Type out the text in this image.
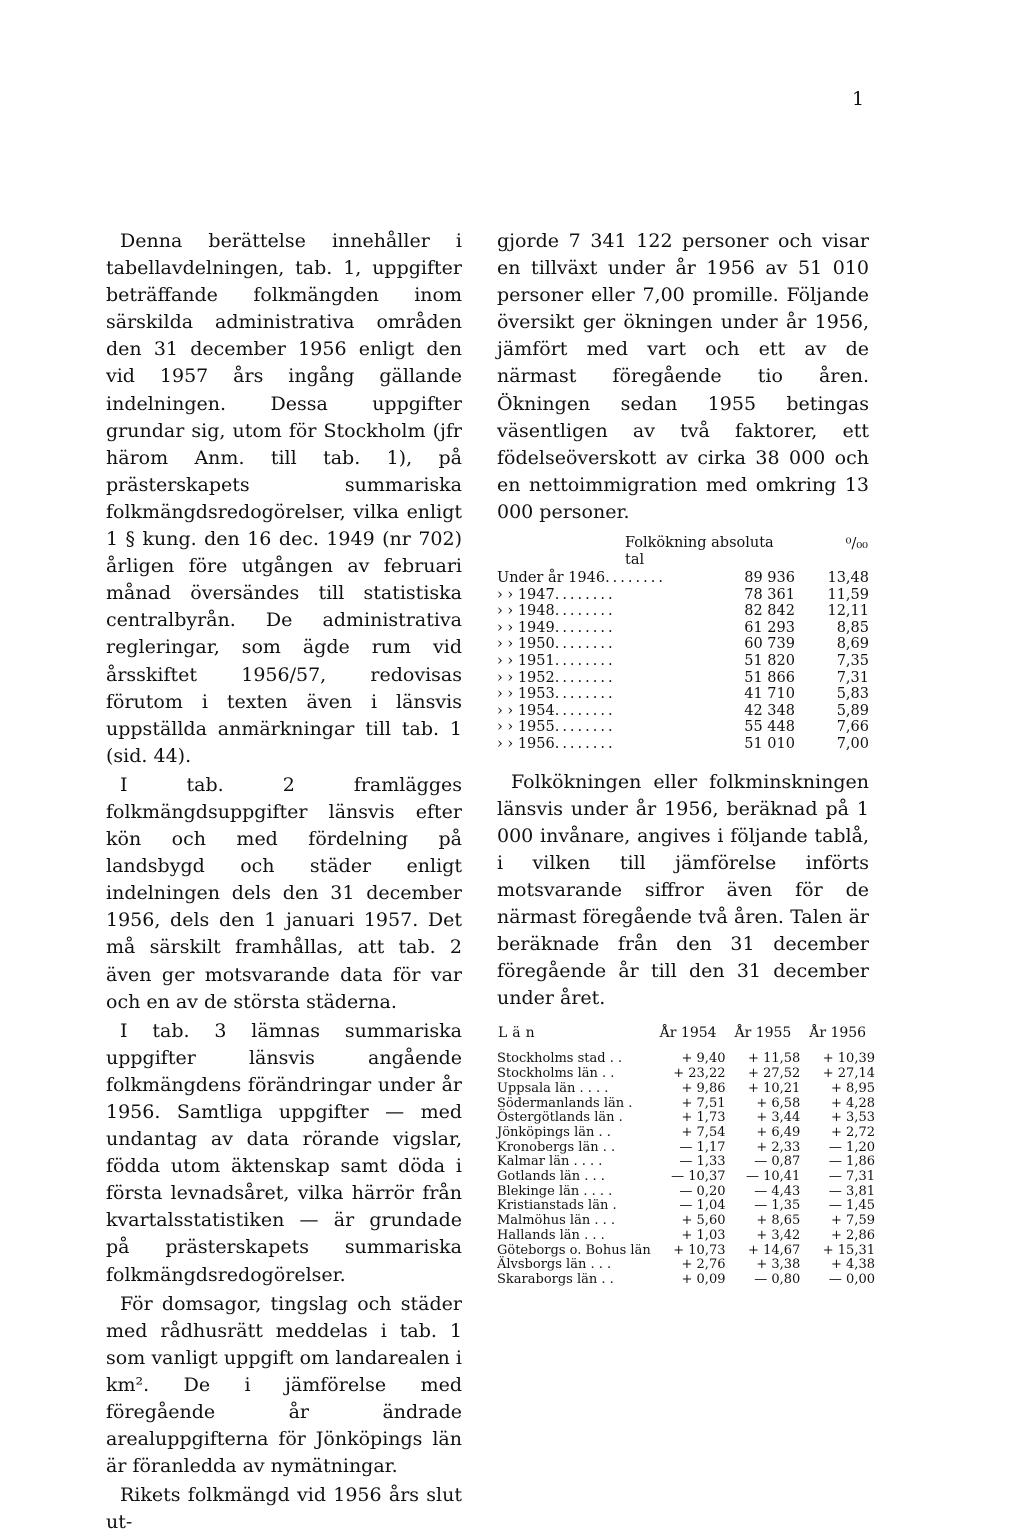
1

Denna berättelse innehåller i tabellavdelningen, tab. 1, uppgifter beträffande folkmängden inom särskilda administrativa områden den 31 december 1956 enligt den vid 1957 års ingång gällande indelningen. Dessa uppgifter grundar sig, utom för Stockholm (jfr härom Anm. till tab. 1), på prästerskapets summariska folkmängdsredogörelser, vilka enligt 1 § kung. den 16 dec. 1949 (nr 702) årligen före utgången av februari månad översändes till statistiska centralbyrån. De administrativa regleringar, som ägde rum vid årsskiftet 1956/57, redovisas förutom i texten även i länsvis uppställda anmärkningar till tab. 1 (sid. 44).

I tab. 2 framlägges folkmängdsuppgifter länsvis efter kön och med fördelning på landsbygd och städer enligt indelningen dels den 31 december 1956, dels den 1 januari 1957. Det må särskilt framhållas, att tab. 2 även ger motsvarande data för var och en av de största städerna.

I tab. 3 lämnas summariska uppgifter länsvis angående folkmängdens förändringar under år 1956. Samtliga uppgifter — med undantag av data rörande vigslar, födda utom äktenskap samt döda i första levnadsåret, vilka härrör från kvartalsstatistiken — är grundade på prästerskapets summariska folkmängdsredogörelser.

För domsagor, tingslag och städer med rådhusrätt meddelas i tab. 1 som vanligt uppgift om landarealen i km². De i jämförelse med föregående år ändrade arealuppgifterna för Jönköpings län är föranledda av nymätningar.

Rikets folkmängd vid 1956 års slut ut-

gjorde 7 341 122 personer och visar en tillväxt under år 1956 av 51 010 personer eller 7,00 promille. Följande översikt ger ökningen under år 1956, jämfört med vart och ett av de närmast föregående tio åren. Ökningen sedan 1955 betingas väsentligen av två faktorer, ett födelseöverskott av cirka 38 000 och en nettoimmigration med omkring 13 000 personer.

Folkökning absoluta tal		⁰/₀₀
Under år 1946........	89 936	13,48
› › 1947........	78 361	11,59
› › 1948........	82 842	12,11
› › 1949........	61 293	8,85
› › 1950........	60 739	8,69
› › 1951........	51 820	7,35
› › 1952........	51 866	7,31
› › 1953........	41 710	5,83
› › 1954........	42 348	5,89
› › 1955........	55 448	7,66
› › 1956........	51 010	7,00

Folkökningen eller folkminskningen länsvis under år 1956, beräknad på 1 000 invånare, angives i följande tablå, i vilken till jämförelse införts motsvarande siffror även för de närmast föregående två åren. Talen är beräknade från den 31 december föregående år till den 31 december under året.

Län	År 1954	År 1955	År 1956
Stockholms stad . .	+ 9,40	+ 11,58	+ 10,39
Stockholms län . .	+ 23,22	+ 27,52	+ 27,14
Uppsala län . . . .	+ 9,86	+ 10,21	+ 8,95
Södermanlands län .	+ 7,51	+ 6,58	+ 4,28
Östergötlands län .	+ 1,73	+ 3,44	+ 3,53
Jönköpings län . .	+ 7,54	+ 6,49	+ 2,72
Kronobergs län . .	— 1,17	+ 2,33	— 1,20
Kalmar län . . . .	— 1,33	— 0,87	— 1,86
Gotlands län . . .	— 10,37	— 10,41	— 7,31
Blekinge län . . . .	— 0,20	— 4,43	— 3,81
Kristianstads län .	— 1,04	— 1,35	— 1,45
Malmöhus län . . .	+ 5,60	+ 8,65	+ 7,59
Hallands län . . .	+ 1,03	+ 3,42	+ 2,86
Göteborgs o. Bohus län	+ 10,73	+ 14,67	+ 15,31
Älvsborgs län . . .	+ 2,76	+ 3,38	+ 4,38
Skaraborgs län . .	+ 0,09	— 0,80	— 0,00
